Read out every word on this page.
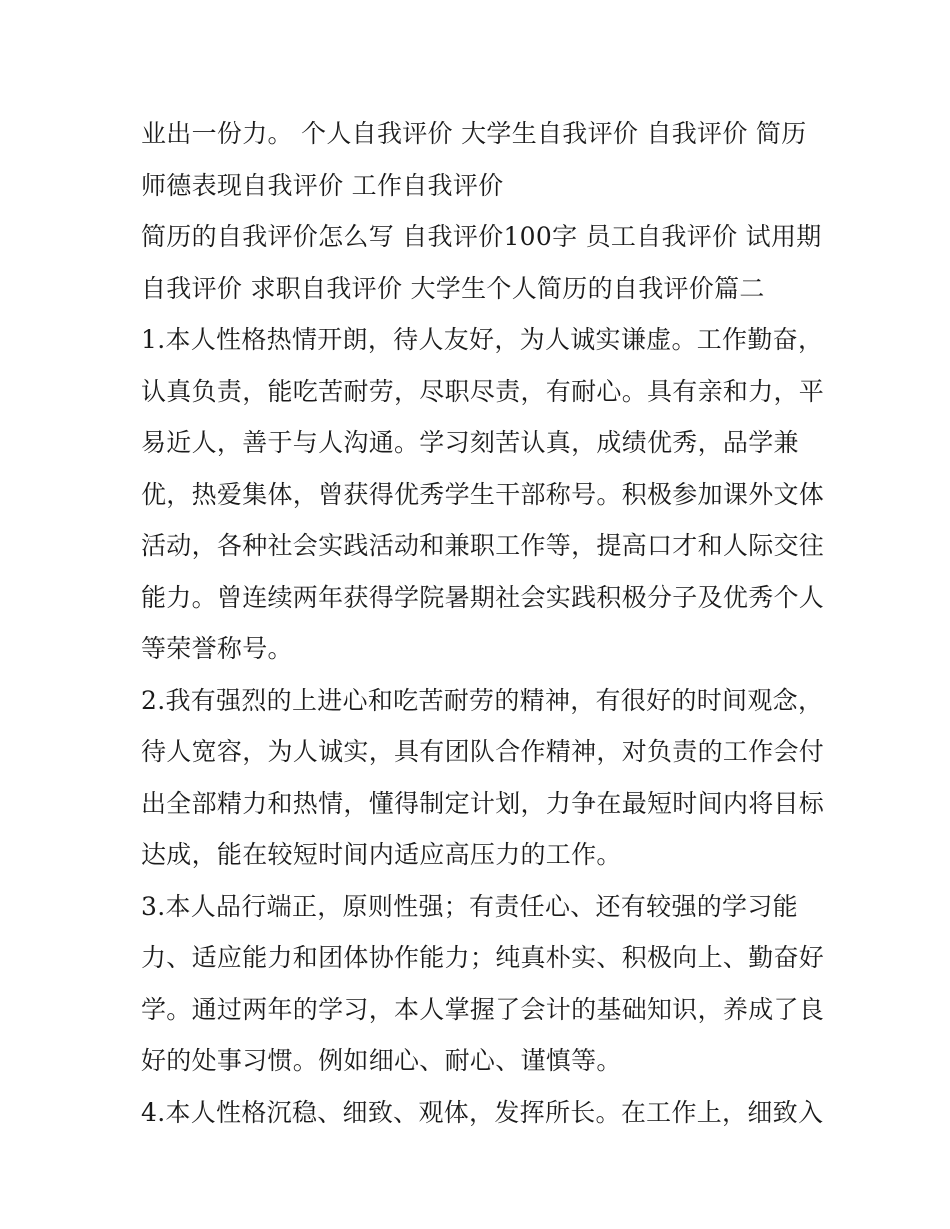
业出一份力。 个人自我评价 大学生自我评价 自我评价 简历
师德表现自我评价 工作自我评价
简历的自我评价怎么写 自我评价100字 员工自我评价 试用期
自我评价 求职自我评价 大学生个人简历的自我评价篇二
1.本人性格热情开朗，待人友好，为人诚实谦虚。工作勤奋，
认真负责，能吃苦耐劳，尽职尽责，有耐心。具有亲和力，平
易近人，善于与人沟通。学习刻苦认真，成绩优秀，品学兼
优，热爱集体，曾获得优秀学生干部称号。积极参加课外文体
活动，各种社会实践活动和兼职工作等，提高口才和人际交往
能力。曾连续两年获得学院暑期社会实践积极分子及优秀个人
等荣誉称号。
2.我有强烈的上进心和吃苦耐劳的精神，有很好的时间观念，
待人宽容，为人诚实，具有团队合作精神，对负责的工作会付
出全部精力和热情，懂得制定计划，力争在最短时间内将目标
达成，能在较短时间内适应高压力的工作。
3.本人品行端正，原则性强；有责任心、还有较强的学习能
力、适应能力和团体协作能力；纯真朴实、积极向上、勤奋好
学。通过两年的学习，本人掌握了会计的基础知识，养成了良
好的处事习惯。例如细心、耐心、谨慎等。
4.本人性格沉稳、细致、观体，发挥所长。在工作上，细致入
